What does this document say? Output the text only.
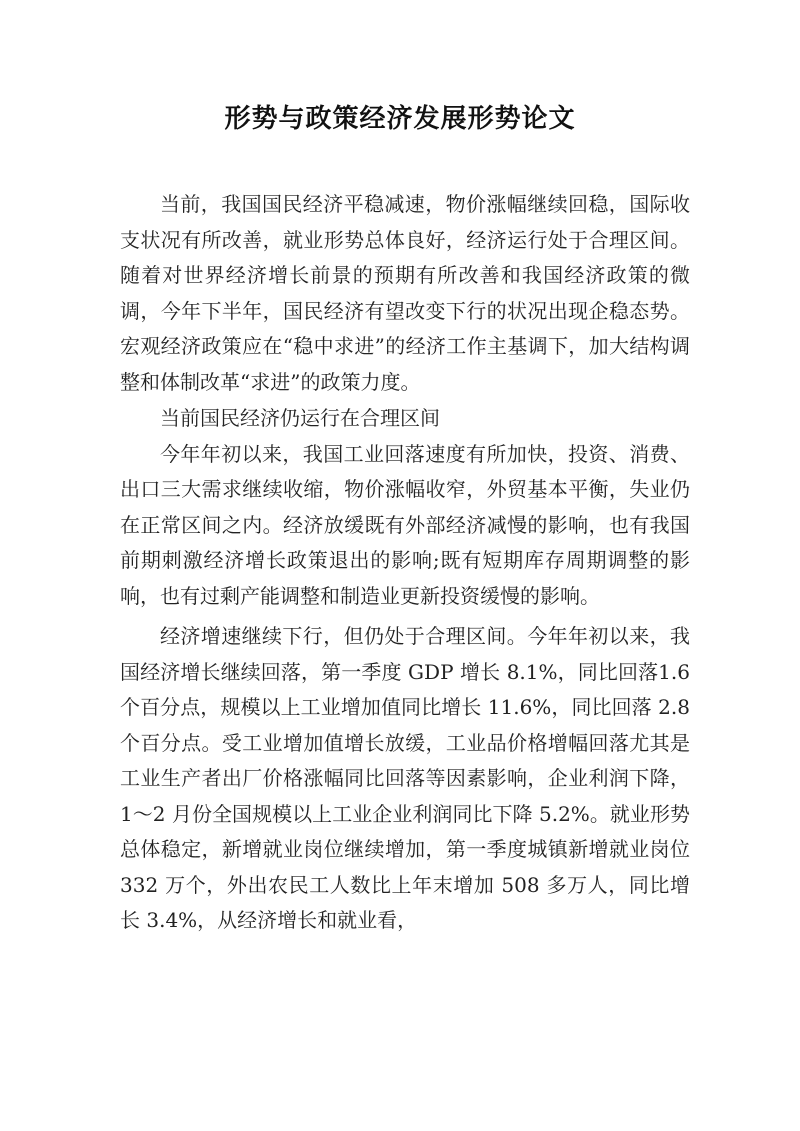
形势与政策经济发展形势论文

当前，我国国民经济平稳减速，物价涨幅继续回稳，国际收支状况有所改善，就业形势总体良好，经济运行处于合理区间。随着对世界经济增长前景的预期有所改善和我国经济政策的微调，今年下半年，国民经济有望改变下行的状况出现企稳态势。宏观经济政策应在“稳中求进”的经济工作主基调下，加大结构调整和体制改革“求进”的政策力度。

当前国民经济仍运行在合理区间

今年年初以来，我国工业回落速度有所加快，投资、消费、出口三大需求继续收缩，物价涨幅收窄，外贸基本平衡，失业仍在正常区间之内。经济放缓既有外部经济减慢的影响，也有我国前期刺激经济增长政策退出的影响;既有短期库存周期调整的影响，也有过剩产能调整和制造业更新投资缓慢的影响。

经济增速继续下行，但仍处于合理区间。今年年初以来，我国经济增长继续回落，第一季度 GDP 增长 8.1%，同比回落1.6 个百分点，规模以上工业增加值同比增长 11.6%，同比回落 2.8 个百分点。受工业增加值增长放缓，工业品价格增幅回落尤其是工业生产者出厂价格涨幅同比回落等因素影响，企业利润下降，1～2 月份全国规模以上工业企业利润同比下降 5.2%。就业形势总体稳定，新增就业岗位继续增加，第一季度城镇新增就业岗位 332 万个，外出农民工人数比上年末增加 508 多万人，同比增长 3.4%，从经济增长和就业看，
